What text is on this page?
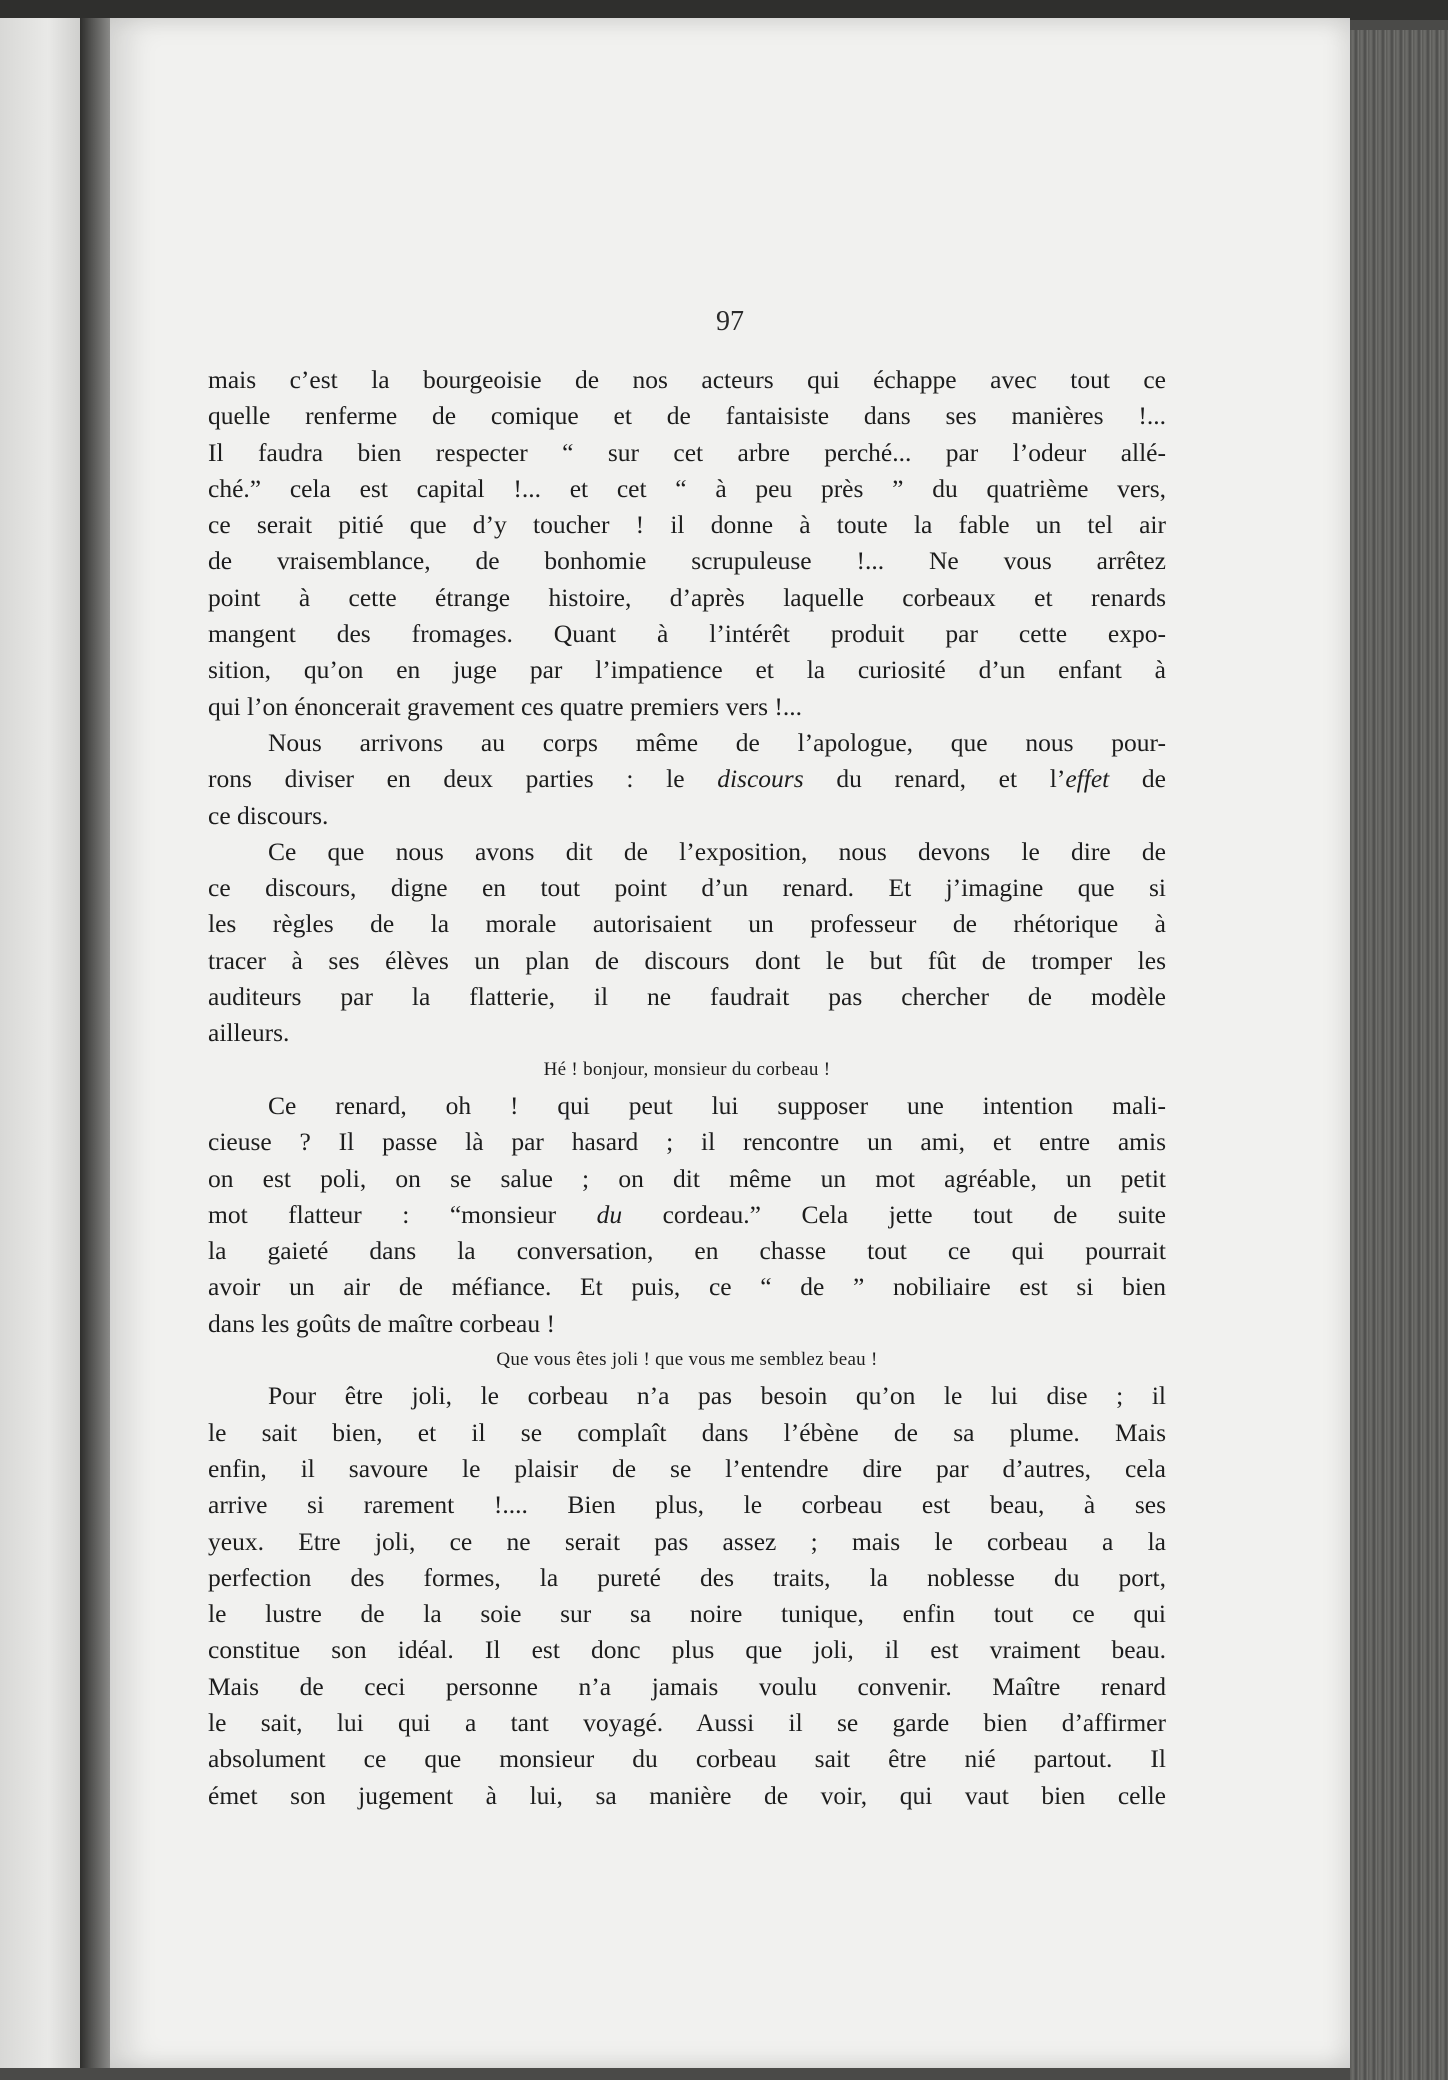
97
mais c’est la bourgeoisie de nos acteurs qui échappe avec tout ce
quelle renferme de comique et de fantaisiste dans ses manières !...
Il faudra bien respecter “ sur cet arbre perché... par l’odeur allé-
ché.” cela est capital !... et cet “ à peu près ” du quatrième vers,
ce serait pitié que d’y toucher ! il donne à toute la fable un tel air
de vraisemblance, de bonhomie scrupuleuse !... Ne vous arrêtez
point à cette étrange histoire, d’après laquelle corbeaux et renards
mangent des fromages. Quant à l’intérêt produit par cette expo-
sition, qu’on en juge par l’impatience et la curiosité d’un enfant à
qui l’on énoncerait gravement ces quatre premiers vers !...
Nous arrivons au corps même de l’apologue, que nous pour-
rons diviser en deux parties : le discours du renard, et l’effet de
ce discours.
Ce que nous avons dit de l’exposition, nous devons le dire de
ce discours, digne en tout point d’un renard. Et j’imagine que si
les règles de la morale autorisaient un professeur de rhétorique à
tracer à ses élèves un plan de discours dont le but fût de tromper les
auditeurs par la flatterie, il ne faudrait pas chercher de modèle
ailleurs.
Hé ! bonjour, monsieur du corbeau !
Ce renard, oh ! qui peut lui supposer une intention mali-
cieuse ? Il passe là par hasard ; il rencontre un ami, et entre amis
on est poli, on se salue ; on dit même un mot agréable, un petit
mot flatteur : “monsieur du cordeau.” Cela jette tout de suite
la gaieté dans la conversation, en chasse tout ce qui pourrait
avoir un air de méfiance. Et puis, ce “ de ” nobiliaire est si bien
dans les goûts de maître corbeau !
Que vous êtes joli ! que vous me semblez beau !
Pour être joli, le corbeau n’a pas besoin qu’on le lui dise ; il
le sait bien, et il se complaît dans l’ébène de sa plume. Mais
enfin, il savoure le plaisir de se l’entendre dire par d’autres, cela
arrive si rarement !.... Bien plus, le corbeau est beau, à ses
yeux. Etre joli, ce ne serait pas assez ; mais le corbeau a la
perfection des formes, la pureté des traits, la noblesse du port,
le lustre de la soie sur sa noire tunique, enfin tout ce qui
constitue son idéal. Il est donc plus que joli, il est vraiment beau.
Mais de ceci personne n’a jamais voulu convenir. Maître renard
le sait, lui qui a tant voyagé. Aussi il se garde bien d’affirmer
absolument ce que monsieur du corbeau sait être nié partout. Il
émet son jugement à lui, sa manière de voir, qui vaut bien celle
